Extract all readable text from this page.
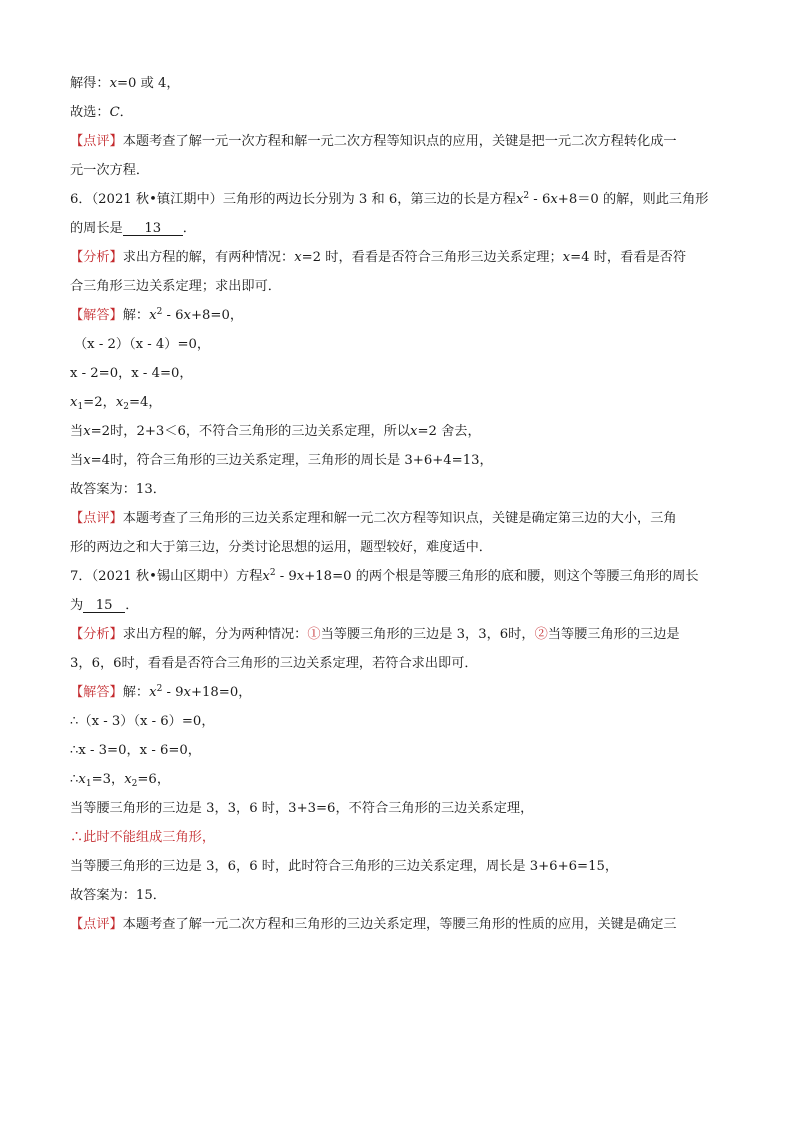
解得：x=0 或 4，

故选：C．

【点评】本题考查了解一元一次方程和解一元二次方程等知识点的应用，关键是把一元二次方程转化成一

元一次方程．

6．（2021 秋•镇江期中）三角形的两边长分别为 3 和 6，第三边的长是方程$x^2 - 6x+8=0$ 的解，则此三角形

的周长是 13 ．

【分析】求出方程的解，有两种情况：x=2 时，看看是否符合三角形三边关系定理；x=4 时，看看是否符

合三角形三边关系定理；求出即可．

【解答】解：$x^2 - 6x+8=0$，

（x - 2）（x - 4）=0，

x - 2=0，x - 4=0，

$x_1=2$，$x_2=4$，

当x=2时，2+3＜6，不符合三角形的三边关系定理，所以x=2 舍去，

当x=4时，符合三角形的三边关系定理，三角形的周长是 3+6+4=13，

故答案为：13．

【点评】本题考查了三角形的三边关系定理和解一元二次方程等知识点，关键是确定第三边的大小，三角

形的两边之和大于第三边，分类讨论思想的运用，题型较好，难度适中．

7．（2021 秋•锡山区期中）方程$x^2 - 9x+18=0$ 的两个根是等腰三角形的底和腰，则这个等腰三角形的周长

为 15 ．

【分析】求出方程的解，分为两种情况：①当等腰三角形的三边是 3，3，6时，②当等腰三角形的三边是

3，6，6时，看看是否符合三角形的三边关系定理，若符合求出即可．

【解答】解：$x^2 - 9x+18=0$，

∴（x - 3）（x - 6）=0，

∴x - 3=0，x - 6=0，

$\therefore x_1=3$，$x_2=6$，

当等腰三角形的三边是 3，3，6 时，3+3=6，不符合三角形的三边关系定理，

∴此时不能组成三角形，

当等腰三角形的三边是 3，6，6 时，此时符合三角形的三边关系定理，周长是 3+6+6=15，

故答案为：15．

【点评】本题考查了解一元二次方程和三角形的三边关系定理，等腰三角形的性质的应用，关键是确定三
